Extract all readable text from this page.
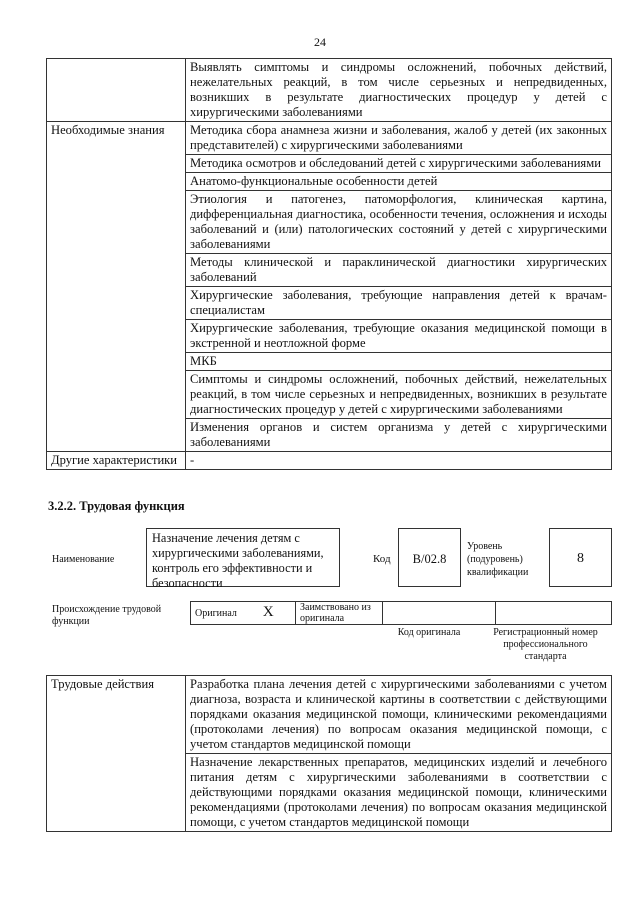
24
	Выявлять симптомы и синдромы осложнений, побочных действий, нежелательных реакций, в том числе серьезных и непредвиденных, возникших в результате диагностических процедур у детей с хирургическими заболеваниями
Необходимые знания	Методика сбора анамнеза жизни и заболевания, жалоб у детей (их законных представителей) с хирургическими заболеваниями
	Методика осмотров и обследований детей с хирургическими заболеваниями
	Анатомо-функциональные особенности детей
	Этиология и патогенез, патоморфология, клиническая картина, дифференциальная диагностика, особенности течения, осложнения и исходы заболеваний и (или) патологических состояний у детей с хирургическими заболеваниями
	Методы клинической и параклинической диагностики хирургических заболеваний
	Хирургические заболевания, требующие направления детей к врачам-специалистам
	Хирургические заболевания, требующие оказания медицинской помощи в экстренной и неотложной форме
	МКБ
	Симптомы и синдромы осложнений, побочных действий, нежелательных реакций, в том числе серьезных и непредвиденных, возникших в результате диагностических процедур у детей с хирургическими заболеваниями
	Изменения органов и систем организма у детей с хирургическими заболеваниями
Другие характеристики	-
3.2.2. Трудовая функция
Наименование
Назначение лечения детям с хирургическими заболеваниями, контроль его эффективности и безопасности
Код	B/02.8
Уровень (подуровень) квалификации
8
Происхождение трудовой функции
Оригинал X	Заимствовано из оригинала		
Код оригинала	Регистрационный номер профессионального стандарта
Трудовые действия	Разработка плана лечения детей с хирургическими заболеваниями с учетом диагноза, возраста и клинической картины в соответствии с действующими порядками оказания медицинской помощи, клиническими рекомендациями (протоколами лечения) по вопросам оказания медицинской помощи, с учетом стандартов медицинской помощи
Назначение лекарственных препаратов, медицинских изделий и лечебного питания детям с хирургическими заболеваниями в соответствии с действующими порядками оказания медицинской помощи, клиническими рекомендациями (протоколами лечения) по вопросам оказания медицинской помощи, с учетом стандартов медицинской помощи
